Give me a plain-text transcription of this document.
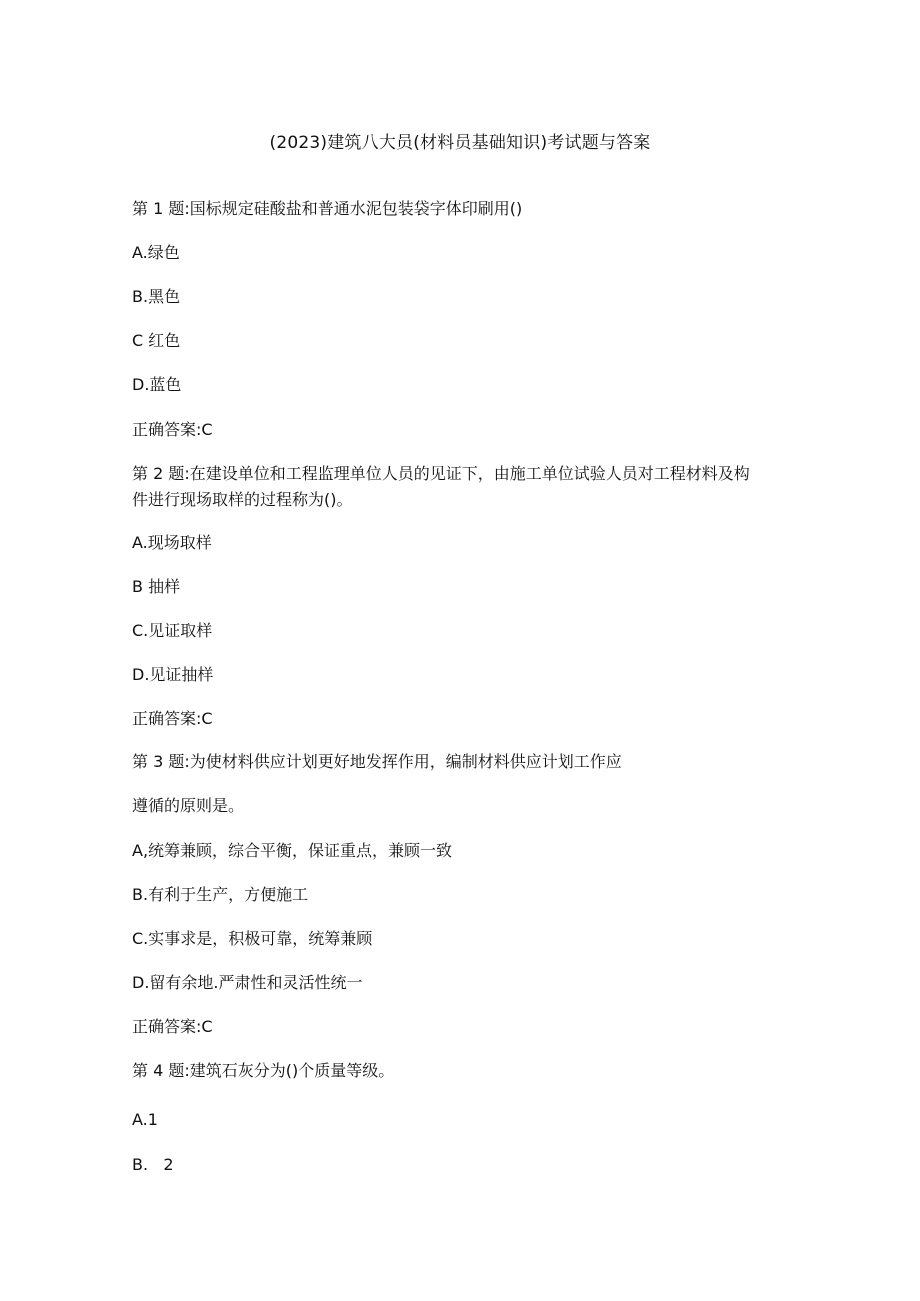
(2023)建筑八大员(材料员基础知识)考试题与答案
第 1 题:国标规定硅酸盐和普通水泥包装袋字体印刷用()
A.绿色
B.黑色
C 红色
D.蓝色
正确答案:C
第 2 题:在建设单位和工程监理单位人员的见证下，由施工单位试验人员对工程材料及构
件进行现场取样的过程称为()。
A.现场取样
B 抽样
C.见证取样
D.见证抽样
正确答案:C
第 3 题:为使材料供应计划更好地发挥作用，编制材料供应计划工作应
遵循的原则是。
A,统筹兼顾，综合平衡，保证重点，兼顾一致
B.有利于生产，方便施工
C.实事求是，积极可靠，统筹兼顾
D.留有余地.严肃性和灵活性统一
正确答案:C
第 4 题:建筑石灰分为()个质量等级。
A.1
B.   2
